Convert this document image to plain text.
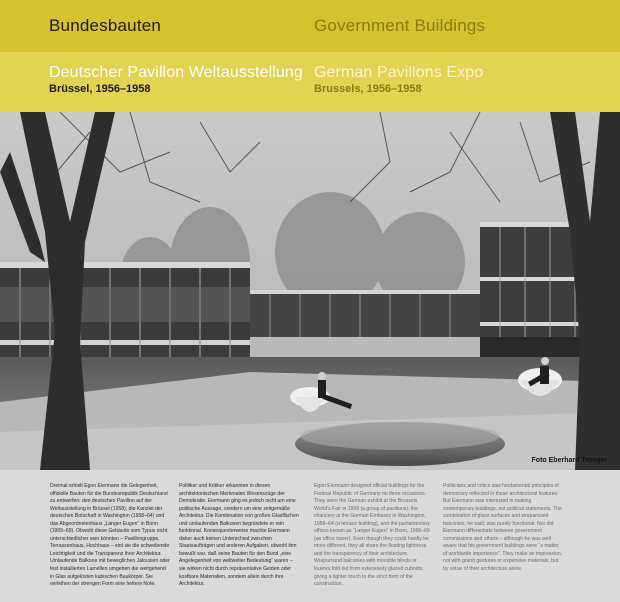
Bundesbauten	Government Buildings
Deutscher Pavillon Weltausstellung German Pavillons Expo
Brüssel, 1956–1958	Brussels, 1956–1958
Foto Eberhard Troeger
Dreimal erhielt Egon Eiermann die Gelegenheit, offizielle Bauten für die Bundesrepublik Deutschland zu entwerfen: den deutschen Pavillon auf der Weltausstellung in Brüssel (1958), die Kanzlei der deutschen Botschaft in Washington (1958–64) und das Abgeordnetenhaus „Langer Eugen“ in Bonn (1965–69). Obwohl diese Gebäude vom Typus nicht unterschiedlicher sein könnten – Pavillongruppe, Terrassenhaus, Hochhaus – eint sie die schwebende Leichtigkeit und die Transparenz ihrer Architektur. Umlaufende Balkone mit beweglichen Jalousien oder fest installierten Lamellen umgeben die weitgehend in Glas aufgelösten kubischen Baukörper. Sie verleihen der strengen Form eine heitere Note.
Politiker und Kritiker erkannten in diesen architektonischen Merkmalen Wesenszüge der Demokratie. Eiermann ging es jedoch nicht um eine politische Aussage, sondern um eine zeitgemäße Architektur. Die Kombination von großen Glasflächen und umlaufenden Balkonen begründete er rein funktional. Konsequenterweise machte Eiermann daher auch keinen Unterschied zwischen Staatsaufträgen und anderen Aufgaben, obwohl ihm bewußt war, daß seine Bauten für den Bund „eine Angelegenheit von weltweiter Bedeutung“ waren – sie wirken nicht durch repräsentative Gesten oder kostbare Materialien, sondern allein durch ihre Architektur.
Egon Eiermann designed official buildings for the Federal Republic of Germany on three occasions. They were the German exhibit at the Brussels World's Fair in 1958 (a group of pavilions), the chancery at the German Embassy in Washington, 1958–64 (a terrace building), and the parliamentary offices known as “Langer Eugen” in Bonn, 1965–69 (an office tower). Even though they could hardly be more different, they all share the floating lightness and the transparency of their architecture. Wraparound balconies with movable blinds or louvres fold out from extensively glazed cuboids, giving a lighter touch to the strict form of the construction.
Politicians and critics saw fundamental principles of democracy reflected in these architectural features. But Eiermann was interested in making contemporary buildings, not political statements. The combination of glass surfaces and wraparound balconies, he said, was purely functional. Nor did Eiermann differentiate between government commissions and others – although he was well aware that his government buildings were “a matter of worldwide importance”. They make an impression, not with grand gestures or expensive materials, but by virtue of their architecture alone.
